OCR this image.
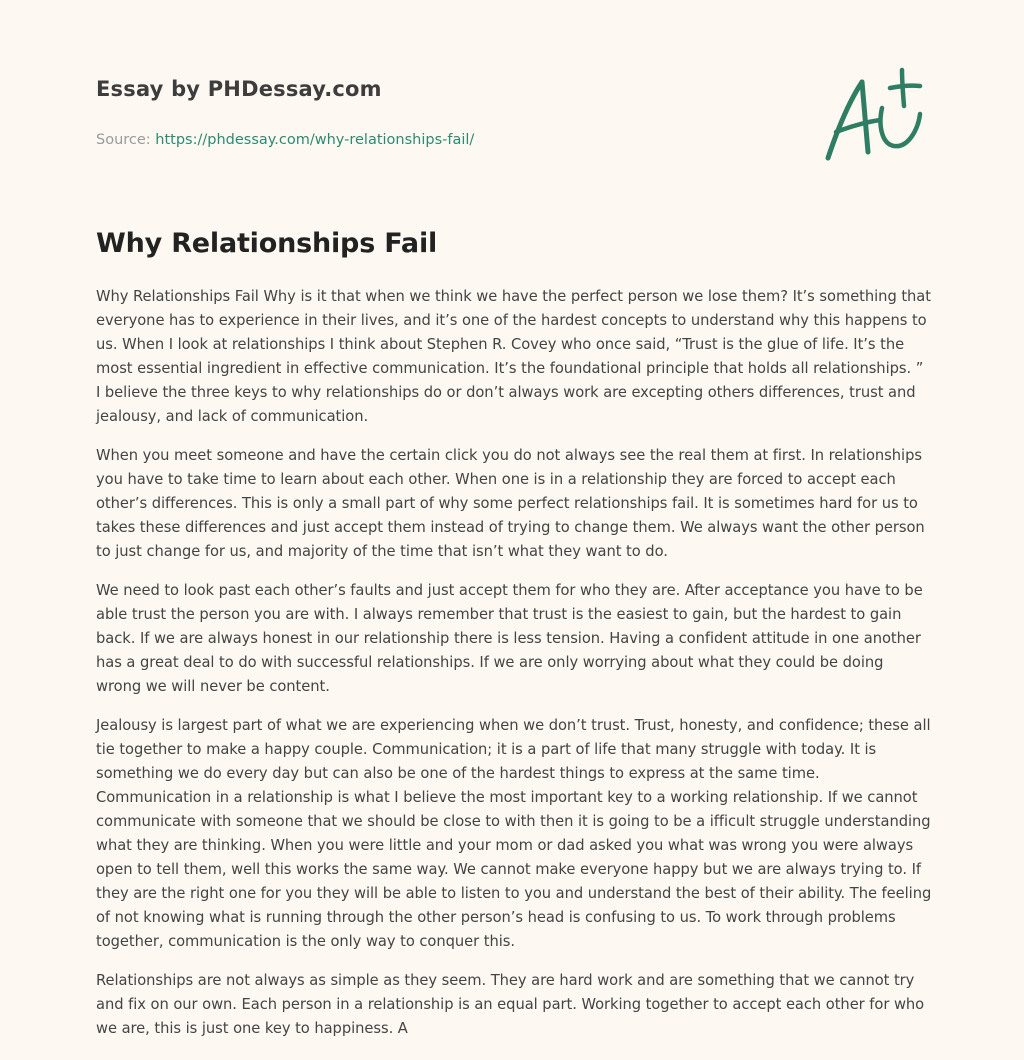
Essay by PHDessay.com
Source: https://phdessay.com/why-relationships-fail/
Why Relationships Fail

Why Relationships Fail Why is it that when we think we have the perfect person we lose them? It’s something that everyone has to experience in their lives, and it’s one of the hardest concepts to understand why this happens to us. When I look at relationships I think about Stephen R. Covey who once said, “Trust is the glue of life. It’s the most essential ingredient in effective communication. It’s the foundational principle that holds all relationships. ” I believe the three keys to why relationships do or don’t always work are excepting others differences, trust and jealousy, and lack of communication.

When you meet someone and have the certain click you do not always see the real them at first. In relationships you have to take time to learn about each other. When one is in a relationship they are forced to accept each other’s differences. This is only a small part of why some perfect relationships fail. It is sometimes hard for us to takes these differences and just accept them instead of trying to change them. We always want the other person to just change for us, and majority of the time that isn’t what they want to do.

We need to look past each other’s faults and just accept them for who they are. After acceptance you have to be able trust the person you are with. I always remember that trust is the easiest to gain, but the hardest to gain back. If we are always honest in our relationship there is less tension. Having a confident attitude in one another has a great deal to do with successful relationships. If we are only worrying about what they could be doing wrong we will never be content.

Jealousy is largest part of what we are experiencing when we don’t trust. Trust, honesty, and confidence; these all tie together to make a happy couple. Communication; it is a part of life that many struggle with today. It is something we do every day but can also be one of the hardest things to express at the same time. Communication in a relationship is what I believe the most important key to a working relationship. If we cannot communicate with someone that we should be close to with then it is going to be a ifficult struggle understanding what they are thinking. When you were little and your mom or dad asked you what was wrong you were always open to tell them, well this works the same way. We cannot make everyone happy but we are always trying to. If they are the right one for you they will be able to listen to you and understand the best of their ability. The feeling of not knowing what is running through the other person’s head is confusing to us. To work through problems together, communication is the only way to conquer this.

Relationships are not always as simple as they seem. They are hard work and are something that we cannot try and fix on our own. Each person in a relationship is an equal part. Working together to accept each other for who we are, this is just one key to happiness. A
